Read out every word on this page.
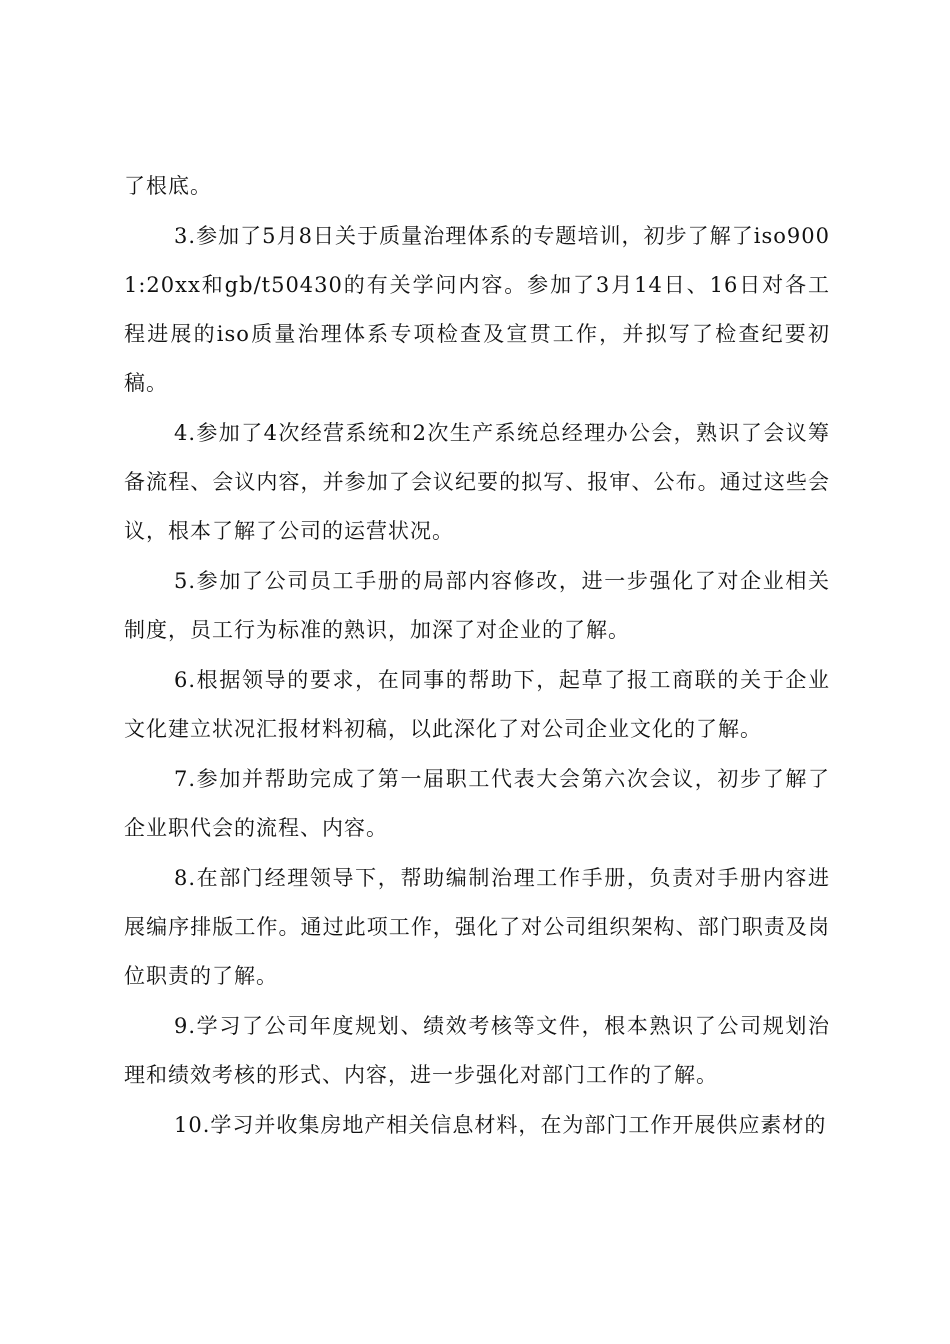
了根底。

3.参加了5月8日关于质量治理体系的专题培训，初步了解了iso9001:20xx和gb/t50430的有关学问内容。参加了3月14日、16日对各工程进展的iso质量治理体系专项检查及宣贯工作，并拟写了检查纪要初稿。

4.参加了4次经营系统和2次生产系统总经理办公会，熟识了会议筹备流程、会议内容，并参加了会议纪要的拟写、报审、公布。通过这些会议，根本了解了公司的运营状况。

5.参加了公司员工手册的局部内容修改，进一步强化了对企业相关制度，员工行为标准的熟识，加深了对企业的了解。

6.根据领导的要求，在同事的帮助下，起草了报工商联的关于企业文化建立状况汇报材料初稿，以此深化了对公司企业文化的了解。

7.参加并帮助完成了第一届职工代表大会第六次会议，初步了解了企业职代会的流程、内容。

8.在部门经理领导下，帮助编制治理工作手册，负责对手册内容进展编序排版工作。通过此项工作，强化了对公司组织架构、部门职责及岗位职责的了解。

9.学习了公司年度规划、绩效考核等文件，根本熟识了公司规划治理和绩效考核的形式、内容，进一步强化对部门工作的了解。

10.学习并收集房地产相关信息材料，在为部门工作开展供应素材的
